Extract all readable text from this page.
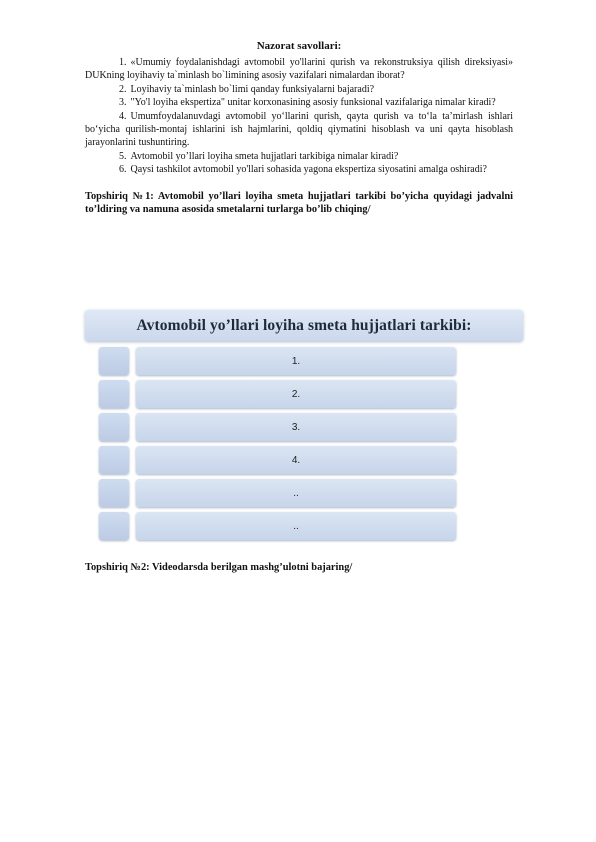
Nazorat savollari:

1. «Umumiy foydalanishdagi avtomobil yo'llarini qurish va rekonstruksiya qilish direksiyasi» DUKning loyihaviy ta`minlash bo`limining asosiy vazifalari nimalardan iborat?

2. Loyihaviy ta`minlash bo`limi qanday funksiyalarni bajaradi?

3. "Yo'l loyiha ekspertiza" unitar korxonasining asosiy funksional vazifalariga nimalar kiradi?

4. Umumfoydalanuvdagi avtomobil yo‘llarini qurish, qayta qurish va to‘la ta’mirlash ishlari bo‘yicha qurilish-montaj ishlarini ish hajmlarini, qoldiq qiymatini hisoblash va uni qayta hisoblash jarayonlarini tushuntiring.

5. Avtomobil yo’llari loyiha smeta hujjatlari tarkibiga nimalar kiradi?

6. Qaysi tashkilot avtomobil yo'llari sohasida yagona ekspertiza siyosatini amalga oshiradi?

Topshiriq №1: Avtomobil yo’llari loyiha smeta hujjatlari tarkibi bo’yicha quyidagi jadvalni to’ldiring va namuna asosida smetalarni turlarga bo’lib chiqing/

Avtomobil yo’llari loyiha smeta hujjatlari tarkibi:
1.
2.
3.
4.
..
..
Topshiriq №2: Videodarsda berilgan mashg’ulotni bajaring/
